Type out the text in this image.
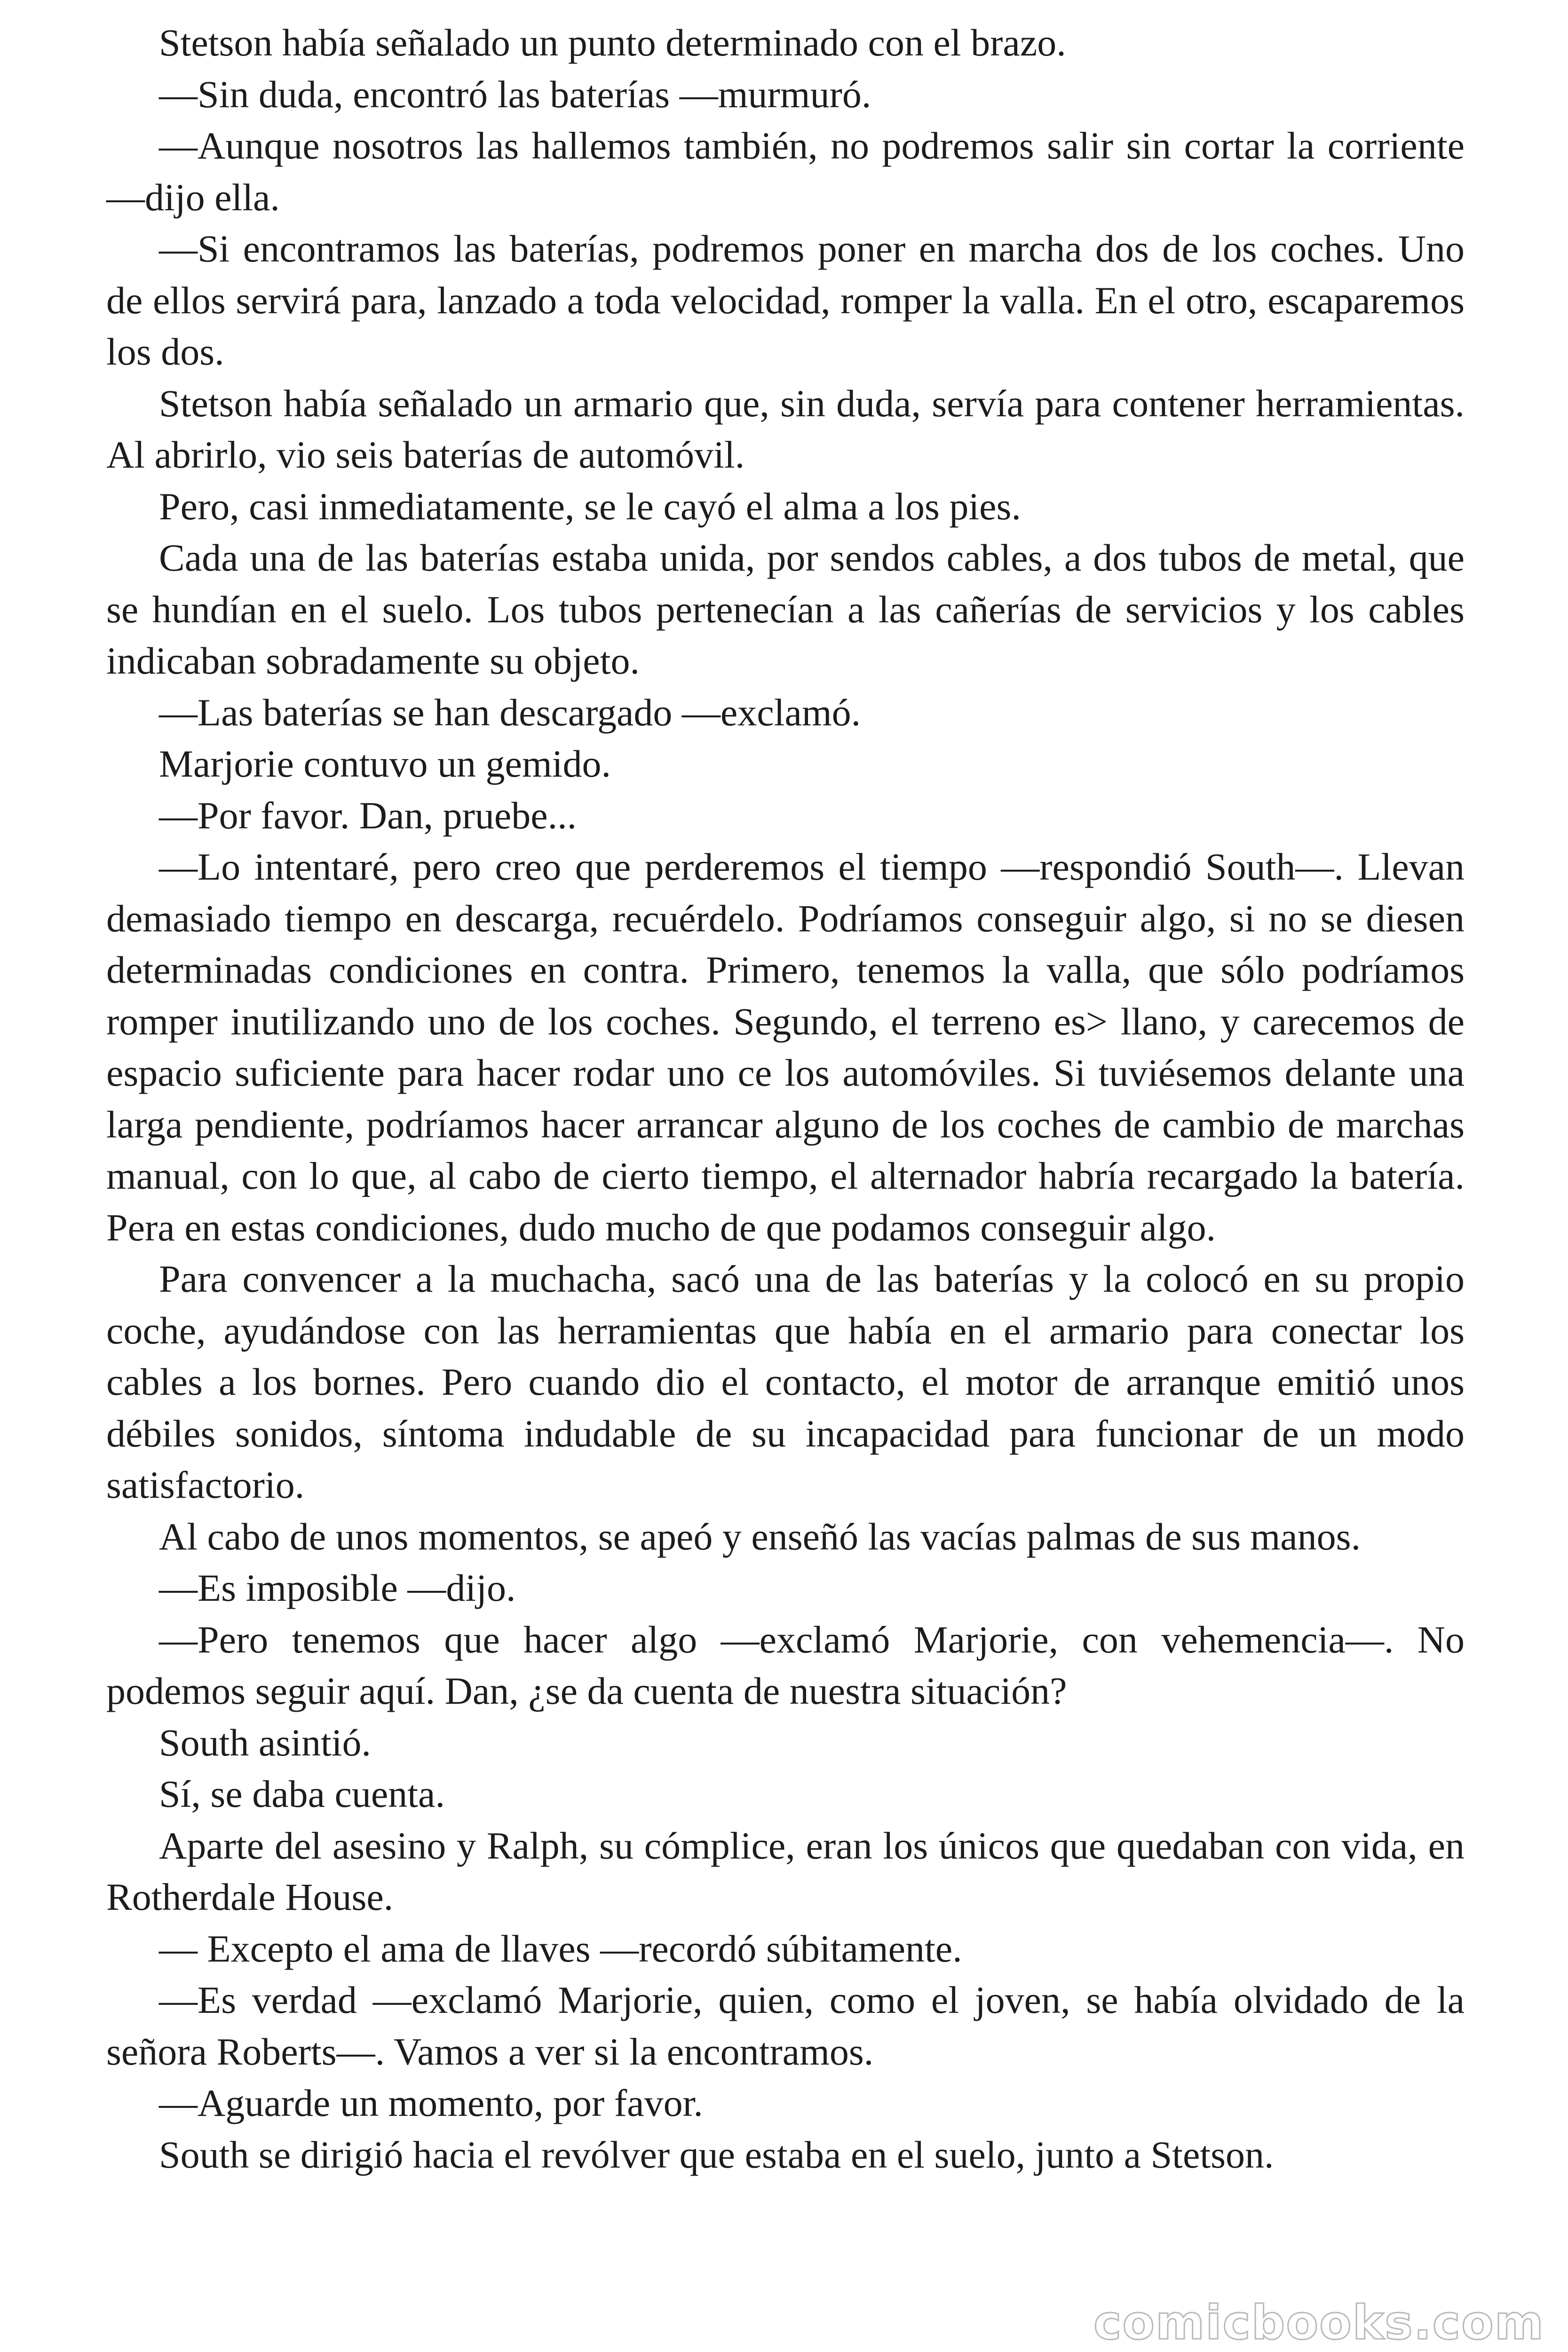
Stetson había señalado un punto determinado con el brazo.

—Sin duda, encontró las baterías —murmuró.

—Aunque nosotros las hallemos también, no podremos salir sin cortar la corriente —dijo ella.

—Si encontramos las baterías, podremos poner en marcha dos de los coches. Uno de ellos servirá para, lanzado a toda velocidad, romper la valla. En el otro, escaparemos los dos.

Stetson había señalado un armario que, sin duda, servía para contener herramientas. Al abrirlo, vio seis baterías de automóvil.

Pero, casi inmediatamente, se le cayó el alma a los pies.

Cada una de las baterías estaba unida, por sendos cables, a dos tubos de metal, que se hundían en el suelo. Los tubos pertenecían a las cañerías de servicios y los cables indicaban sobradamente su objeto.

—Las baterías se han descargado —exclamó.

Marjorie contuvo un gemido.

—Por favor. Dan, pruebe...

—Lo intentaré, pero creo que perderemos el tiempo —respondió South—. Llevan demasiado tiempo en descarga, recuérdelo. Podríamos conseguir algo, si no se diesen determinadas condiciones en contra. Primero, tenemos la valla, que sólo podríamos romper inutilizando uno de los coches. Segundo, el terreno es> llano, y carecemos de espacio suficiente para hacer rodar uno ce los automóviles. Si tuviésemos delante una larga pendiente, podríamos hacer arrancar alguno de los coches de cambio de marchas manual, con lo que, al cabo de cierto tiempo, el alternador habría recargado la batería. Pera en estas condiciones, dudo mucho de que podamos conseguir algo.

Para convencer a la muchacha, sacó una de las baterías y la colocó en su propio coche, ayudándose con las herramientas que había en el armario para conectar los cables a los bornes. Pero cuando dio el contacto, el motor de arranque emitió unos débiles sonidos, síntoma indudable de su incapacidad para funcionar de un modo satisfactorio.

Al cabo de unos momentos, se apeó y enseñó las vacías palmas de sus manos.

—Es imposible —dijo.

—Pero tenemos que hacer algo —exclamó Marjorie, con vehemencia—. No podemos seguir aquí. Dan, ¿se da cuenta de nuestra situación?

South asintió.

Sí, se daba cuenta.

Aparte del asesino y Ralph, su cómplice, eran los únicos que quedaban con vida, en Rotherdale House.

— Excepto el ama de llaves —recordó súbitamente.

—Es verdad —exclamó Marjorie, quien, como el joven, se había olvidado de la señora Roberts—. Vamos a ver si la encontramos.

—Aguarde un momento, por favor.

South se dirigió hacia el revólver que estaba en el suelo, junto a Stetson.

comicbooks.com
